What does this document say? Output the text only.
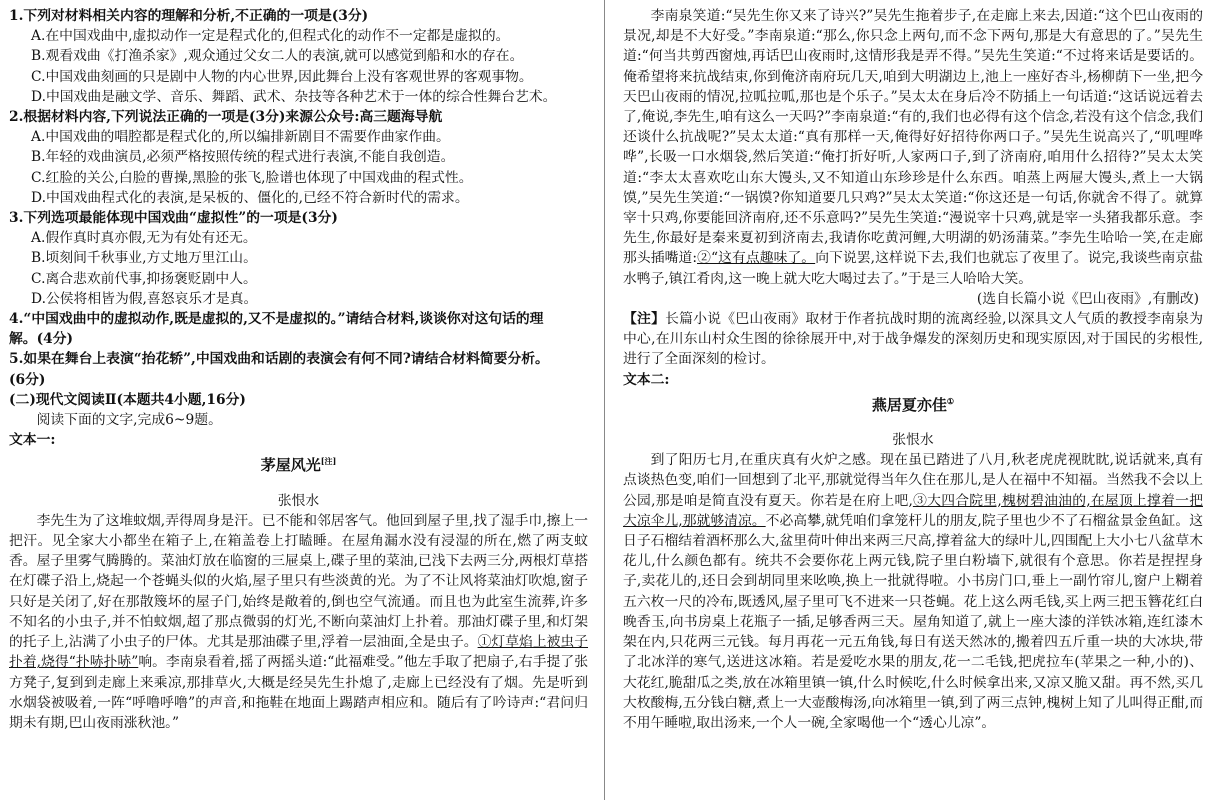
1.下列对材料相关内容的理解和分析,不正确的一项是(3分)

A.在中国戏曲中,虚拟动作一定是程式化的,但程式化的动作不一定都是虚拟的。

B.观看戏曲《打渔杀家》,观众通过父女二人的表演,就可以感觉到船和水的存在。

C.中国戏曲刻画的只是剧中人物的内心世界,因此舞台上没有客观世界的客观事物。

D.中国戏曲是融文学、音乐、舞蹈、武术、杂技等各种艺术于一体的综合性舞台艺术。

2.根据材料内容,下列说法正确的一项是(3分)来源公众号:高三题海导航

A.中国戏曲的唱腔都是程式化的,所以编排新剧目不需要作曲家作曲。

B.年轻的戏曲演员,必须严格按照传统的程式进行表演,不能自我创造。

C.红脸的关公,白脸的曹操,黑脸的张飞,脸谱也体现了中国戏曲的程式性。

D.中国戏曲程式化的表演,是呆板的、僵化的,已经不符合新时代的需求。

3.下列选项最能体现中国戏曲“虚拟性”的一项是(3分)

A.假作真时真亦假,无为有处有还无。

B.顷刻间千秋事业,方丈地万里江山。

C.离合悲欢前代事,抑扬褒贬剧中人。

D.公侯将相皆为假,喜怒哀乐才是真。

4.“中国戏曲中的虚拟动作,既是虚拟的,又不是虚拟的。”请结合材料,谈谈你对这句话的理
解。(4分)

5.如果在舞台上表演“抬花轿”,中国戏曲和话剧的表演会有何不同?请结合材料简要分析。
(6分)

(二)现代文阅读Ⅱ(本题共4小题,16分)

阅读下面的文字,完成6~9题。

文本一:

茅屋风光[注]

张恨水

李先生为了这堆蚊烟,弄得周身是汗。已不能和邻居客气。他回到屋子里,找了湿手巾,擦上一把汗。见全家大小都坐在箱子上,在箱盖卷上打瞌睡。在屋角漏水没有浸湿的所在,燃了两支蚊香。屋子里雾气腾腾的。菜油灯放在临窗的三屉桌上,碟子里的菜油,已浅下去两三分,两根灯草搭在灯碟子沿上,烧起一个苍蝇头似的火焰,屋子里只有些淡黄的光。为了不让风将菜油灯吹熄,窗子只好是关闭了,好在那散篾坏的屋子门,始终是敞着的,倒也空气流通。而且也为此室生流葬,许多不知名的小虫子,并不怕蚊烟,超了那点微弱的灯光,不断向菜油灯上扑着。那油灯碟子里,和灯架的托子上,沾满了小虫子的尸体。尤其是那油碟子里,浮着一层油面,全是虫子。①灯草焰上被虫子扑着,烧得“扑哧扑哧”响。李南泉看着,摇了两摇头道:“此福难受。”他左手取了把扇子,右手提了张方凳子,复到到走廊上来乘凉,那排草火,大概是经吴先生扑熄了,走廊上已经没有了烟。先是听到水烟袋被吸着,一阵“呼噜呼噜”的声音,和拖鞋在地面上踢踏声相应和。随后有了吟诗声:“君问归期未有期,巴山夜雨涨秋池。”

李南泉笑道:“吴先生你又来了诗兴?”吴先生拖着步子,在走廊上来去,因道:“这个巴山夜雨的景况,却是不大好受。”李南泉道:“那么,你只念上两句,而不念下两句,那是大有意思的了。”吴先生道:“何当共剪西窗烛,再话巴山夜雨时,这情形我是弄不得。”吴先生笑道:“不过将来话是要话的。俺希望将来抗战结束,你到俺济南府玩几天,咱到大明湖边上,池上一座好杏斗,杨柳荫下一坐,把今天巴山夜雨的情况,拉呱拉呱,那也是个乐子。”吴太太在身后冷不防插上一句话道:“这话说远着去了,俺说,李先生,咱有这么一天吗?”李南泉道:“有的,我们也必得有这个信念,若没有这个信念,我们还谈什么抗战呢?”吴太太道:“真有那样一天,俺得好好招待你两口子。”吴先生说高兴了,“叽哩哗哗”,长吸一口水烟袋,然后笑道:“俺打折好听,人家两口子,到了济南府,咱用什么招待?”吴太太笑道:“李太太喜欢吃山东大馒头,又不知道山东珍珍是什么东西。咱蒸上两屉大馒头,煮上一大锅馍,”吴先生笑道:“一锅馍?你知道要几只鸡?”吴太太笑道:“你这还是一句话,你就舍不得了。就算宰十只鸡,你要能回济南府,还不乐意吗?”吴先生笑道:“漫说宰十只鸡,就是宰一头猪我都乐意。李先生,你最好是秦来夏初到济南去,我请你吃黄河鲤,大明湖的奶汤蒲菜。”李先生哈哈一笑,在走廊那头插嘴道:②“这有点趣味了。向下说罢,这样说下去,我们也就忘了夜里了。说完,我谈些南京盐水鸭子,镇江肴肉,这一晚上就大吃大喝过去了。”于是三人哈哈大笑。

(选自长篇小说《巴山夜雨》,有删改)

【注】长篇小说《巴山夜雨》取材于作者抗战时期的流离经验,以深具文人气质的教授李南泉为中心,在川东山村众生图的徐徐展开中,对于战争爆发的深刻历史和现实原因,对于国民的劣根性,进行了全面深刻的检讨。

文本二:

燕居夏亦佳①

张恨水

到了阳历七月,在重庆真有火炉之感。现在虽已踏进了八月,秋老虎虎视眈眈,说话就来,真有点谈热色变,咱们一回想到了北平,那就觉得当年久住在那儿,是人在福中不知福。当然我不会以上公园,那是咱是简直没有夏天。你若是在府上吧,③大四合院里,槐树碧油油的,在屋顶上撑着一把大凉伞儿,那就够清凉。不必高攀,就凭咱们拿笼杆儿的朋友,院子里也少不了石榴盆景金鱼缸。这日子石榴结着酒杯那么大,盆里荷叶伸出来两三尺高,撑着盆大的绿叶儿,四围配上大小七八盆草木花儿,什么颜色都有。统共不会要你花上两元钱,院子里白粉墙下,就很有个意思。你若是捏捏身子,卖花儿的,还日会到胡同里来吆唤,换上一批就得啦。小书房门口,垂上一副竹帘儿,窗户上糊着五六枚一尺的冷布,既透风,屋子里可飞不进来一只苍蝇。花上这么两毛钱,买上两三把玉簪花红白晚香玉,向书房桌上花瓶子一插,足够香两三天。屋角知道了,就上一座大漆的洋铁冰箱,连红漆木架在内,只花两三元钱。每月再花一元五角钱,每日有送天然冰的,搬着四五斤重一块的大冰块,带了北冰洋的寒气,送进这冰箱。若是爱吃水果的朋友,花一二毛钱,把虎拉车(苹果之一种,小的)、大花红,脆甜瓜之类,放在冰箱里镇一镇,什么时候吃,什么时候拿出来,又凉又脆又甜。再不然,买几大枚酸梅,五分钱白糖,煮上一大壶酸梅汤,向冰箱里一镇,到了两三点钟,槐树上知了儿叫得正酣,而不用午睡啦,取出汤来,一个人一碗,全家喝他一个“透心儿凉”。
